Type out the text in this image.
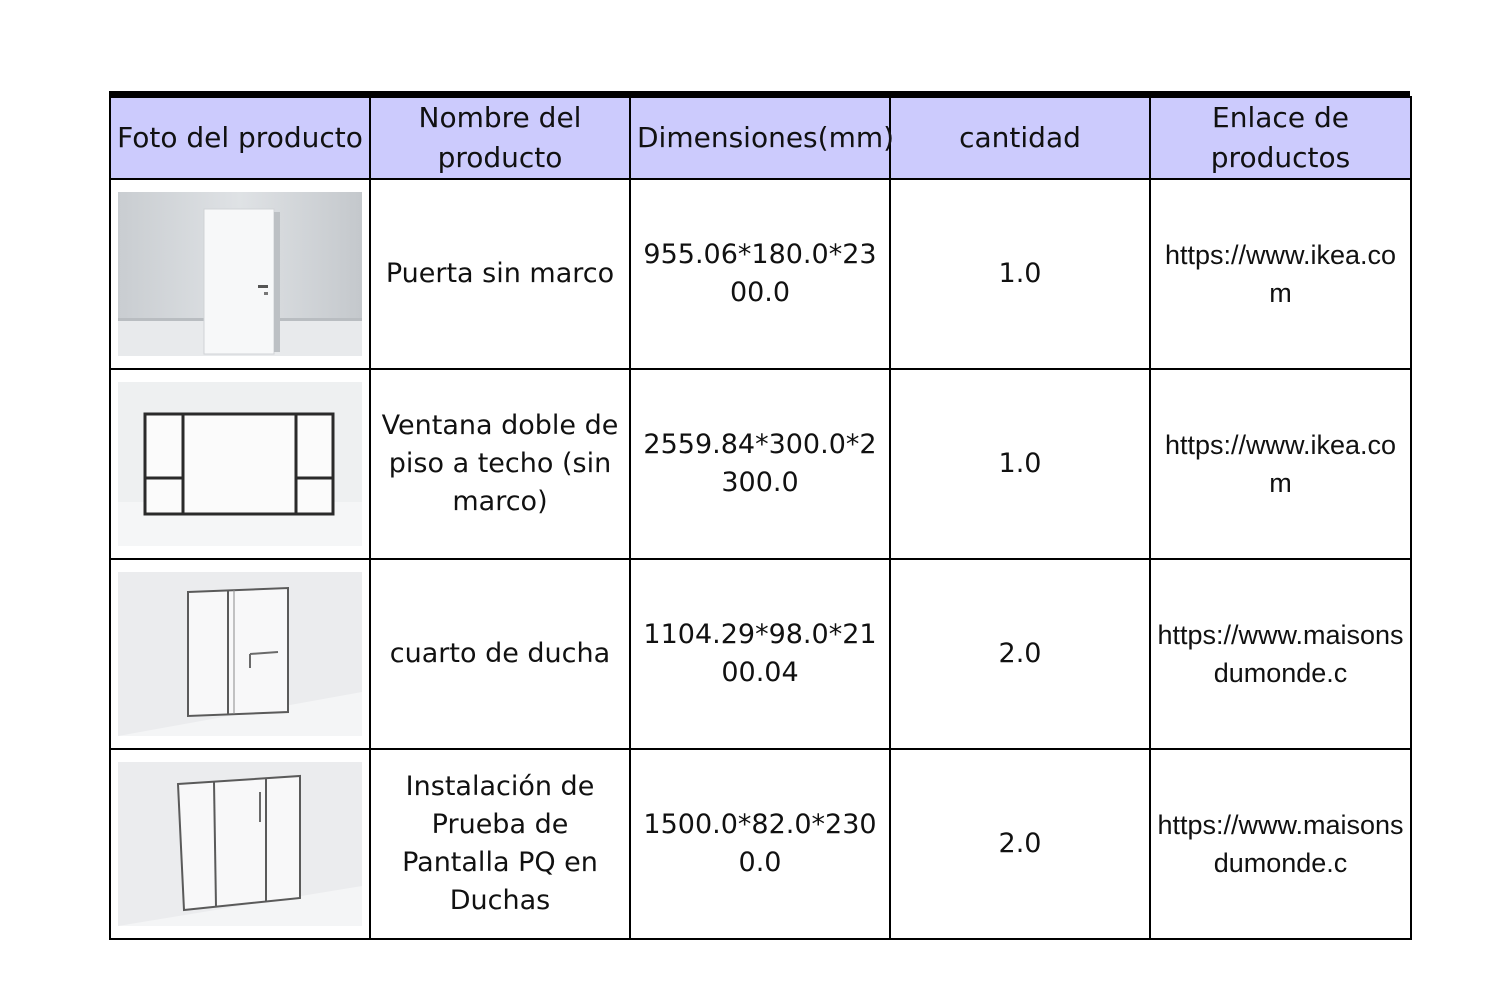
Foto del producto	Nombre del producto	Dimensiones(mm)	cantidad	Enlace de productos

	Puerta sin marco	955.06*180.0*2300.0	1.0	https://www.ikea.com

	Ventana doble de piso a techo (sin marco)	2559.84*300.0*2300.0	1.0	https://www.ikea.com

	cuarto de ducha	1104.29*98.0*2100.04	2.0	https://www.maisonsdumonde.c

	Instalación de Prueba de Pantalla PQ en Duchas	1500.0*82.0*2300.0	2.0	https://www.maisonsdumonde.c
